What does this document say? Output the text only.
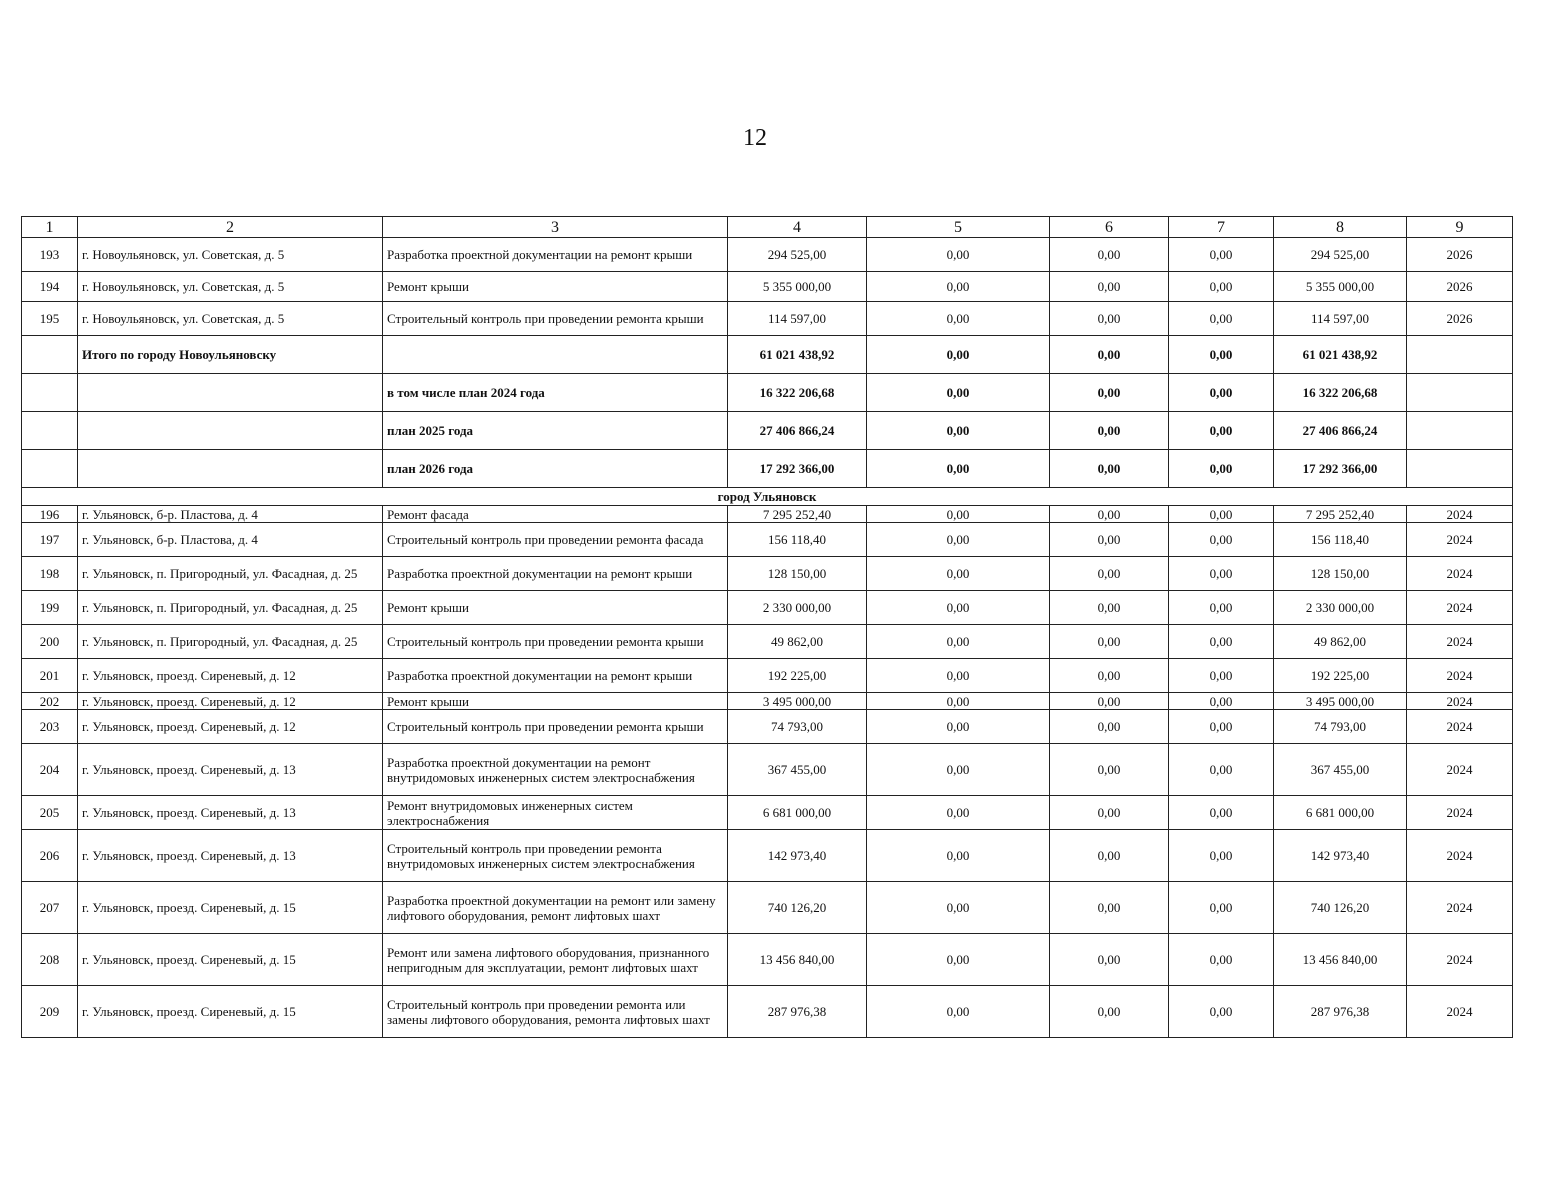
12
1	2	3	4	5	6	7	8	9
193	г. Новоульяновск, ул. Советская, д. 5	Разработка проектной документации на ремонт крыши	294 525,00	0,00	0,00	0,00	294 525,00	2026
194	г. Новоульяновск, ул. Советская, д. 5	Ремонт крыши	5 355 000,00	0,00	0,00	0,00	5 355 000,00	2026
195	г. Новоульяновск, ул. Советская, д. 5	Строительный контроль при проведении ремонта крыши	114 597,00	0,00	0,00	0,00	114 597,00	2026
	Итого по городу Новоульяновску		61 021 438,92	0,00	0,00	0,00	61 021 438,92	
		в том числе план 2024 года	16 322 206,68	0,00	0,00	0,00	16 322 206,68	
		план 2025 года	27 406 866,24	0,00	0,00	0,00	27 406 866,24	
		план 2026 года	17 292 366,00	0,00	0,00	0,00	17 292 366,00	
город Ульяновск								
196	г. Ульяновск, б-р. Пластова, д. 4	Ремонт фасада	7 295 252,40	0,00	0,00	0,00	7 295 252,40	2024
197	г. Ульяновск, б-р. Пластова, д. 4	Строительный контроль при проведении ремонта фасада	156 118,40	0,00	0,00	0,00	156 118,40	2024
198	г. Ульяновск, п. Пригородный, ул. Фасадная, д. 25	Разработка проектной документации на ремонт крыши	128 150,00	0,00	0,00	0,00	128 150,00	2024
199	г. Ульяновск, п. Пригородный, ул. Фасадная, д. 25	Ремонт крыши	2 330 000,00	0,00	0,00	0,00	2 330 000,00	2024
200	г. Ульяновск, п. Пригородный, ул. Фасадная, д. 25	Строительный контроль при проведении ремонта крыши	49 862,00	0,00	0,00	0,00	49 862,00	2024
201	г. Ульяновск, проезд. Сиреневый, д. 12	Разработка проектной документации на ремонт крыши	192 225,00	0,00	0,00	0,00	192 225,00	2024
202	г. Ульяновск, проезд. Сиреневый, д. 12	Ремонт крыши	3 495 000,00	0,00	0,00	0,00	3 495 000,00	2024
203	г. Ульяновск, проезд. Сиреневый, д. 12	Строительный контроль при проведении ремонта крыши	74 793,00	0,00	0,00	0,00	74 793,00	2024
204	г. Ульяновск, проезд. Сиреневый, д. 13	Разработка проектной документации на ремонт внутридомовых инженерных систем электроснабжения	367 455,00	0,00	0,00	0,00	367 455,00	2024
205	г. Ульяновск, проезд. Сиреневый, д. 13	Ремонт внутридомовых инженерных систем электроснабжения	6 681 000,00	0,00	0,00	0,00	6 681 000,00	2024
206	г. Ульяновск, проезд. Сиреневый, д. 13	Строительный контроль при проведении ремонта внутридомовых инженерных систем электроснабжения	142 973,40	0,00	0,00	0,00	142 973,40	2024
207	г. Ульяновск, проезд. Сиреневый, д. 15	Разработка проектной документации на ремонт или замену лифтового оборудования, ремонт лифтовых шахт	740 126,20	0,00	0,00	0,00	740 126,20	2024
208	г. Ульяновск, проезд. Сиреневый, д. 15	Ремонт или замена лифтового оборудования, признанного непригодным для эксплуатации, ремонт лифтовых шахт	13 456 840,00	0,00	0,00	0,00	13 456 840,00	2024
209	г. Ульяновск, проезд. Сиреневый, д. 15	Строительный контроль при проведении ремонта или замены лифтового оборудования, ремонта лифтовых шахт	287 976,38	0,00	0,00	0,00	287 976,38	2024
